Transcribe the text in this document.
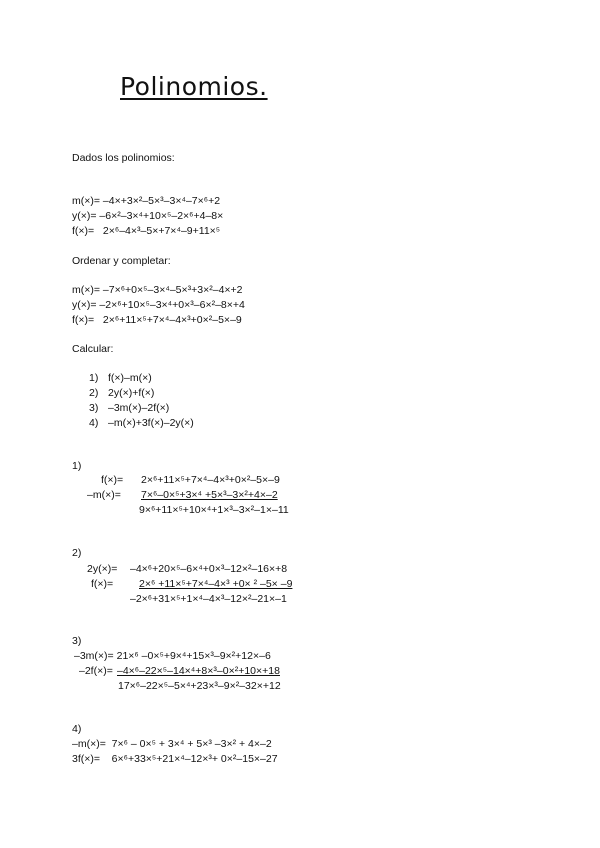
Polinomios.
Dados los polinomios:
m(×)= –4×+3×²–5×³–3×⁴–7×⁶+2
y(×)= –6×²–3×⁴+10×⁵–2×⁶+4–8×
f(×)=   2×⁶–4×³–5×+7×⁴–9+11×⁵
Ordenar y completar:
m(×)= –7×⁶+0×⁵–3×⁴–5×³+3×²–4×+2
y(×)= –2×⁶+10×⁵–3×⁴+0×³–6×²–8×+4
f(×)=   2×⁶+11×⁵+7×⁴–4×³+0×²–5×–9
Calcular:
1) f(×)–m(×)
2) 2y(×)+f(×)
3) –3m(×)–2f(×)
4) –m(×)+3f(×)–2y(×)
1)
f(×)= 2×⁶+11×⁵+7×⁴–4×³+0×²–5×–9
–m(×)= 7×⁶–0×⁵+3×⁴ +5×³–3×²+4×–2
9×⁶+11×⁵+10×⁴+1×³–3×²–1×–11
2)
2y(×)= –4×⁶+20×⁵–6×⁴+0×³–12×²–16×+8
f(×)= 2×⁶ +11×⁵+7×⁴–4×³ +0× ² –5× –9
–2×⁶+31×⁵+1×⁴–4×³–12×²–21×–1
3)
–3m(×)= 21×⁶ –0×⁵+9×⁴+15×³–9×²+12×–6
–2f(×)= –4×⁶–22×⁵–14×⁴+8×³–0×²+10×+18
17×⁶–22×⁵–5×⁴+23×³–9×²–32×+12
4)
–m(×)=  7×⁶ – 0×⁵ + 3×⁴ + 5×³ –3×² + 4×–2
3f(×)=    6×⁶+33×⁵+21×⁴–12×³+ 0×²–15×–27
